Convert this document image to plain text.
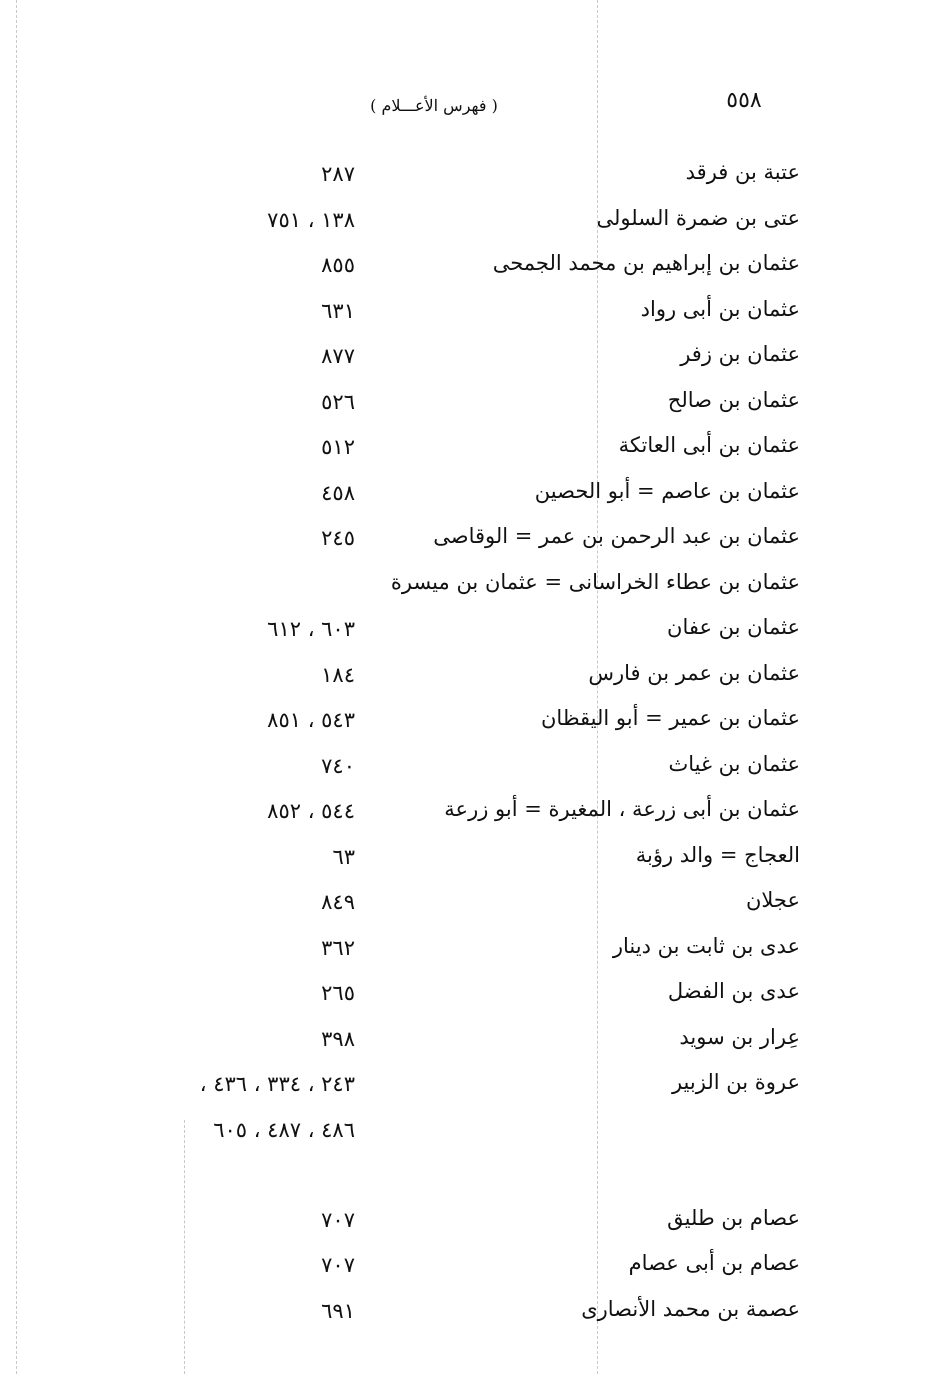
٥٥٨
( فهرس الأعـــلام )
عتبة بن فرقد
٢٨٧
عتى بن ضمرة السلولى
١٣٨ ، ٧٥١
عثمان بن إبراهيم بن محمد الجمحى
٨٥٥
عثمان بن أبى رواد
٦٣١
عثمان بن زفر
٨٧٧
عثمان بن صالح
٥٢٦
عثمان بن أبى العاتكة
٥١٢
عثمان بن عاصم = أبو الحصين
٤٥٨
عثمان بن عبد الرحمن بن عمر = الوقاصى
٢٤٥
عثمان بن عطاء الخراسانى = عثمان بن ميسرة
عثمان بن عفان
٦٠٣ ، ٦١٢
عثمان بن عمر بن فارس
١٨٤
عثمان بن عمير = أبو اليقظان
٥٤٣ ، ٨٥١
عثمان بن غياث
٧٤٠
عثمان بن أبى زرعة ، المغيرة = أبو زرعة
٥٤٤ ، ٨٥٢
العجاج = والد رؤبة
٦٣
عجلان
٨٤٩
عدى بن ثابت بن دينار
٣٦٢
عدى بن الفضل
٢٦٥
عِرار بن سويد
٣٩٨
عروة بن الزبير
٢٤٣ ، ٣٣٤ ، ٤٣٦ ،
٤٨٦ ، ٤٨٧ ، ٦٠٥
عصام بن طليق
٧٠٧
عصام بن أبى عصام
٧٠٧
عصمة بن محمد الأنصارى
٦٩١
